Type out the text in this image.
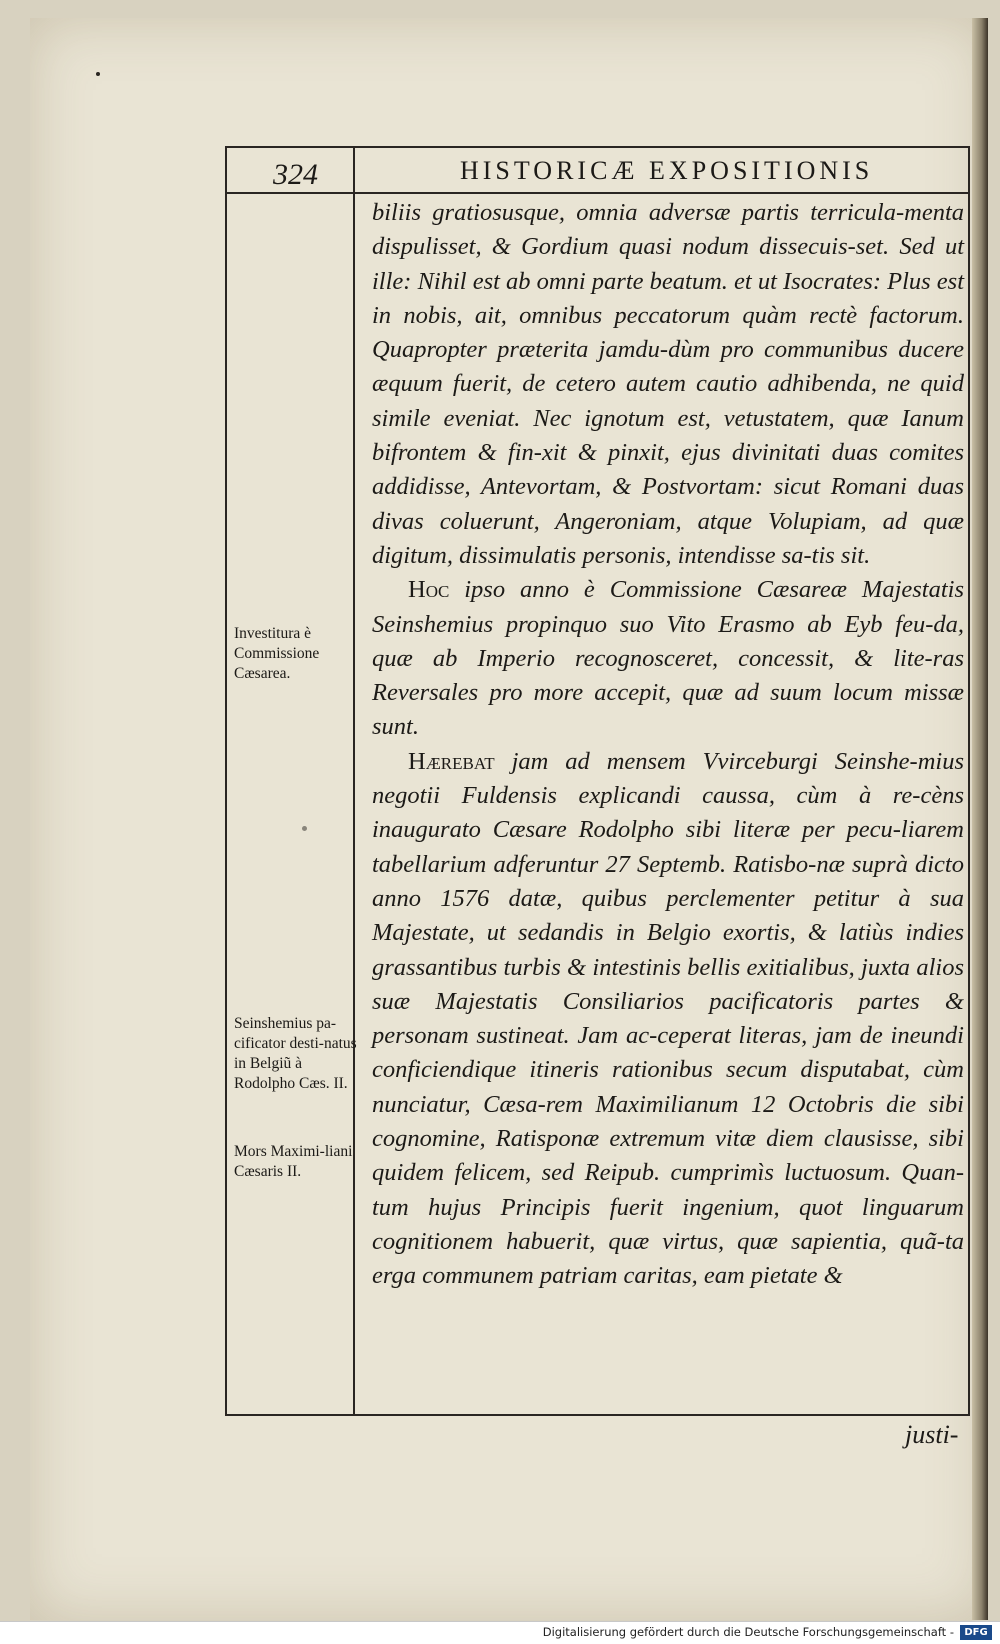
324	HISTORICÆ EXPOSITIONIS

biliis gratiosusque, omnia adversæ partis terricula-menta dispulisset, & Gordium quasi nodum dissecuis-set. Sed ut ille: Nihil est ab omni parte beatum. et ut Isocrates: Plus est in nobis, ait, omnibus peccatorum quàm rectè factorum. Quapropter præterita jamdu-dùm pro communibus ducere æquum fuerit, de cetero autem cautio adhibenda, ne quid simile eveniat. Nec ignotum est, vetustatem, quæ Ianum bifrontem & fin-xit & pinxit, ejus divinitati duas comites addidisse, Antevortam, & Postvortam: sicut Romani duas divas coluerunt, Angeroniam, atque Volupiam, ad quæ digitum, dissimulatis personis, intendisse sa-tis sit.

Hoc ipso anno è Commissione Cæsareæ Majestatis Seinshemius propinquo suo Vito Erasmo ab Eyb feu-da, quæ ab Imperio recognosceret, concessit, & lite-ras Reversales pro more accepit, quæ ad suum locum missæ sunt.

Hærebat jam ad mensem Vvirceburgi Seinshe-mius negotii Fuldensis explicandi caussa, cùm à re-cèns inaugurato Cæsare Rodolpho sibi literæ per pecu-liarem tabellarium adferuntur 27 Septemb. Ratisbo-næ suprà dicto anno 1576 datæ, quibus perclementer petitur à sua Majestate, ut sedandis in Belgio exortis, & latiùs indies grassantibus turbis & intestinis bellis exitialibus, juxta alios suæ Majestatis Consiliarios pacificatoris partes & personam sustineat. Jam ac-ceperat literas, jam de ineundi conficiendique itineris rationibus secum disputabat, cùm nunciatur, Cæsa-rem Maximilianum 12 Octobris die sibi cognomine, Ratisponæ extremum vitæ diem clausisse, sibi quidem felicem, sed Reipub. cumprimìs luctuosum. Quan-tum hujus Principis fuerit ingenium, quot linguarum cognitionem habuerit, quæ virtus, quæ sapientia, quã-ta erga communem patriam caritas, eam pietate &

Investitura è Commissione Cæsarea.
Seinshemius pa-cificator desti-natus in Belgiũ à Rodolpho Cæs. II.
Mors Maximi-liani Cæsaris II.
justi-
Digitalisierung gefördert durch die Deutsche Forschungsgemeinschaft -	DFG
